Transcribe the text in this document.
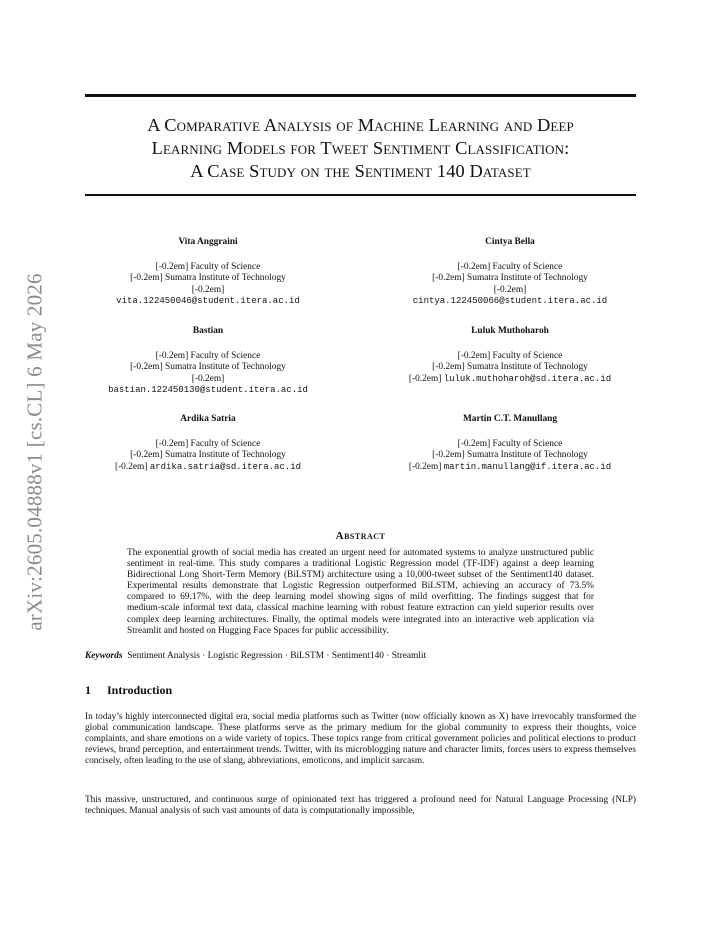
arXiv:2605.04888v1 [cs.CL] 6 May 2026
A Comparative Analysis of Machine Learning and Deep
Learning Models for Tweet Sentiment Classification:
A Case Study on the Sentiment 140 Dataset
Vita Anggraini
[-0.2em] Faculty of Science
[-0.2em] Sumatra Institute of Technology
[-0.2em]
vita.122450046@student.itera.ac.id
Cintya Bella
[-0.2em] Faculty of Science
[-0.2em] Sumatra Institute of Technology
[-0.2em]
cintya.122450066@student.itera.ac.id
Bastian
[-0.2em] Faculty of Science
[-0.2em] Sumatra Institute of Technology
[-0.2em]
bastian.122450130@student.itera.ac.id
Luluk Muthoharoh
[-0.2em] Faculty of Science
[-0.2em] Sumatra Institute of Technology
[-0.2em] luluk.muthoharoh@sd.itera.ac.id
Ardika Satria
[-0.2em] Faculty of Science
[-0.2em] Sumatra Institute of Technology
[-0.2em] ardika.satria@sd.itera.ac.id
Martin C.T. Manullang
[-0.2em] Faculty of Science
[-0.2em] Sumatra Institute of Technology
[-0.2em] martin.manullang@if.itera.ac.id
Abstract
The exponential growth of social media has created an urgent need for automated systems to analyze unstructured public sentiment in real-time. This study compares a traditional Logistic Regression model (TF-IDF) against a deep learning Bidirectional Long Short-Term Memory (BiLSTM) architecture using a 10,000-tweet subset of the Sentiment140 dataset. Experimental results demonstrate that Logistic Regression outperformed BiLSTM, achieving an accuracy of 73.5% compared to 69.17%, with the deep learning model showing signs of mild overfitting. The findings suggest that for medium-scale informal text data, classical machine learning with robust feature extraction can yield superior results over complex deep learning architectures. Finally, the optimal models were integrated into an interactive web application via Streamlit and hosted on Hugging Face Spaces for public accessibility.
Keywords Sentiment Analysis · Logistic Regression · BiLSTM · Sentiment140 · Streamlit
1 Introduction
In today’s highly interconnected digital era, social media platforms such as Twitter (now officially known as X) have irrevocably transformed the global communication landscape. These platforms serve as the primary medium for the global community to express their thoughts, voice complaints, and share emotions on a wide variety of topics. These topics range from critical government policies and political elections to product reviews, brand perception, and entertainment trends. Twitter, with its microblogging nature and character limits, forces users to express themselves concisely, often leading to the use of slang, abbreviations, emoticons, and implicit sarcasm.
This massive, unstructured, and continuous surge of opinionated text has triggered a profound need for Natural Language Processing (NLP) techniques. Manual analysis of such vast amounts of data is computationally impossible,
